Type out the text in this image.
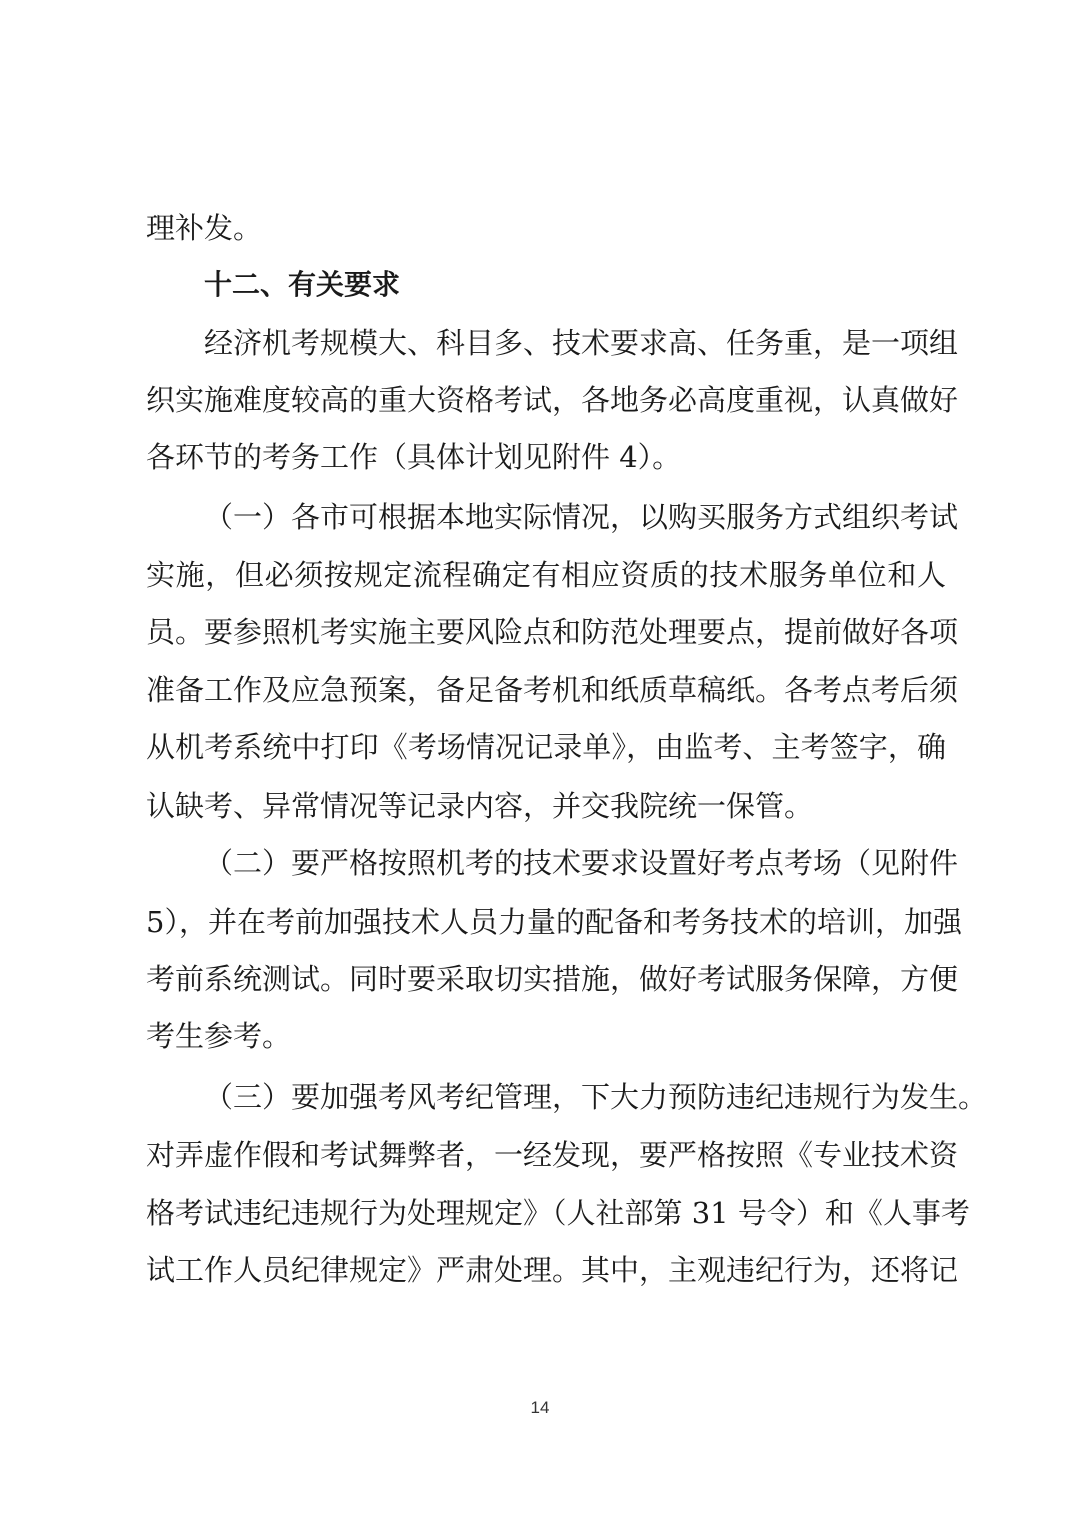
理补发。
十二、有关要求
经济机考规模大、科目多、技术要求高、任务重，是一项组
织实施难度较高的重大资格考试，各地务必高度重视，认真做好
各环节的考务工作（具体计划见附件 4）。
（一）各市可根据本地实际情况，以购买服务方式组织考试
实施，但必须按规定流程确定有相应资质的技术服务单位和人
员。要参照机考实施主要风险点和防范处理要点，提前做好各项
准备工作及应急预案，备足备考机和纸质草稿纸。各考点考后须
从机考系统中打印《考场情况记录单》，由监考、主考签字，确
认缺考、异常情况等记录内容，并交我院统一保管。
（二）要严格按照机考的技术要求设置好考点考场（见附件
5），并在考前加强技术人员力量的配备和考务技术的培训，加强
考前系统测试。同时要采取切实措施，做好考试服务保障，方便
考生参考。
（三）要加强考风考纪管理，下大力预防违纪违规行为发生。
对弄虚作假和考试舞弊者，一经发现，要严格按照《专业技术资
格考试违纪违规行为处理规定》（人社部第 31 号令）和《人事考
试工作人员纪律规定》严肃处理。其中，主观违纪行为，还将记
14
